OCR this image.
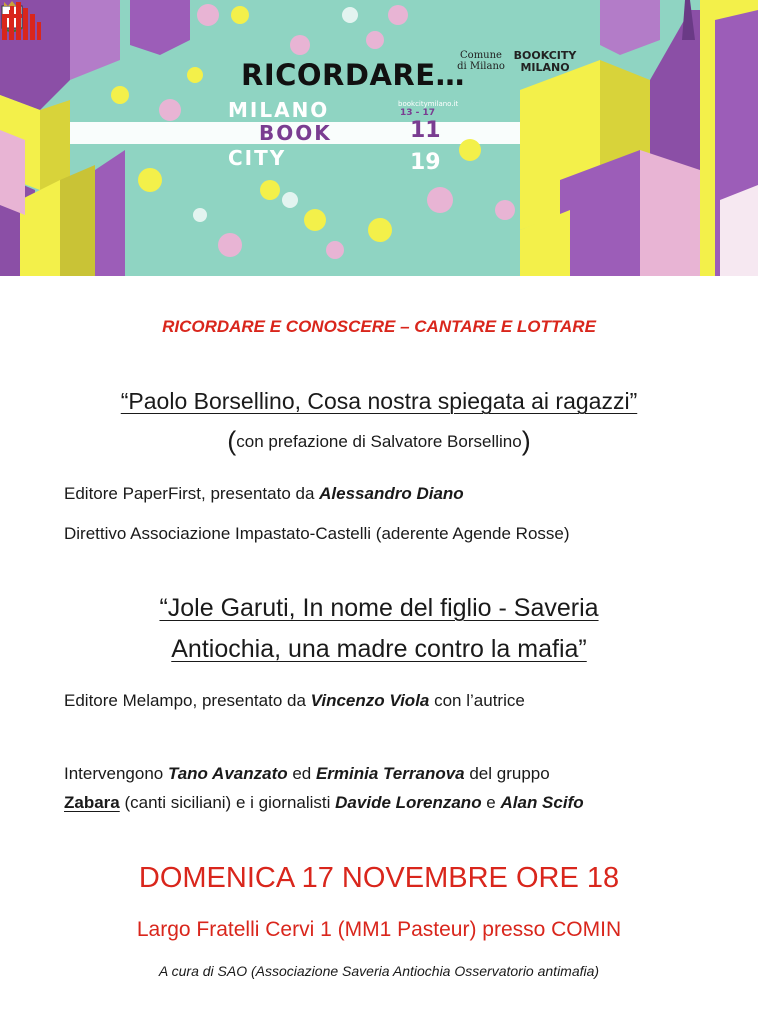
RICORDARE…
MILANO
BOOK
CITY
bookcitymilano.it
13 - 17
11
19
Comune di Milano
BOOKCITY MILANO
RICORDARE E CONOSCERE – CANTARE E LOTTARE
“Paolo Borsellino, Cosa nostra spiegata ai ragazzi”
(con prefazione di Salvatore Borsellino)
Editore PaperFirst, presentato da Alessandro Diano
Direttivo Associazione Impastato-Castelli (aderente Agende Rosse)
“Jole Garuti, In nome del figlio - Saveria
Antiochia, una madre contro la mafia”
Editore Melampo, presentato da Vincenzo Viola con l’autrice
Intervengono Tano Avanzato ed Erminia Terranova del gruppo
Zabara (canti siciliani) e i giornalisti Davide Lorenzano e Alan Scifo
DOMENICA 17 NOVEMBRE ORE 18
Largo Fratelli Cervi 1 (MM1 Pasteur) presso COMIN
A cura di SAO (Associazione Saveria Antiochia Osservatorio antimafia)
